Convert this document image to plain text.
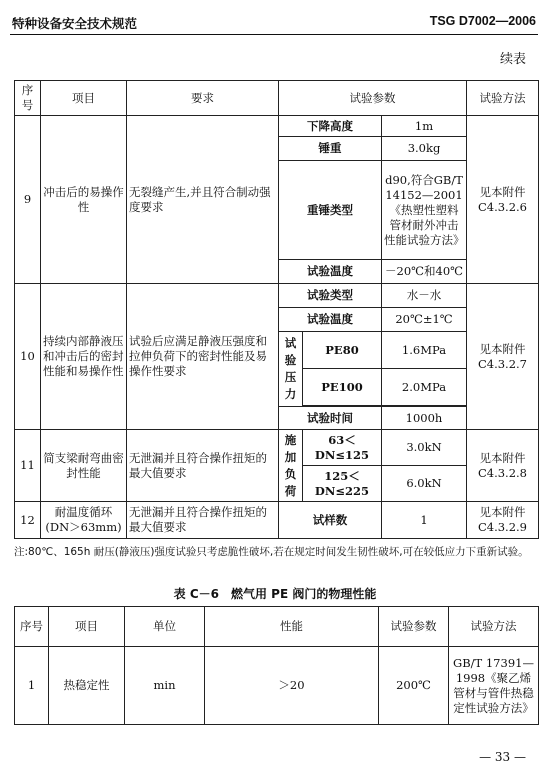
特种设备安全技术规范	TSG D7002—2006
续表
序号	项目	要求	试验参数			试验方法
9	冲击后的易操作性	无裂缝产生,并且符合制动强度要求	下降高度		1m	见本附件C4.3.2.6
			锤重		3.0kg	
			重锤类型		d90,符合GB/T 14152—2001《热塑性塑料管材耐外冲击性能试验方法》	
			试验温度		－20℃和40℃	
10	持续内部静液压和冲击后的密封性能和易操作性	试验后应满足静液压强度和拉伸负荷下的密封性能及易操作性要求	试验类型		水－水	见本附件C4.3.2.7
			试验温度		20℃±1℃	
			试验压力	PE80	1.6MPa	
				PE100	2.0MPa	

			试验时间		1000h	
11	简支梁耐弯曲密封性能	无泄漏并且符合操作扭矩的最大值要求	施加负荷	63＜DN≤125	3.0kN	见本附件C4.3.2.8
				125＜DN≤225	6.0kN	
12	耐温度循环(DN＞63mm)	无泄漏并且符合操作扭矩的最大值要求	试样数		1	见本附件C4.3.2.9
注:80℃、165h 耐压(静液压)强度试验只考虑脆性破坏,若在规定时间发生韧性破坏,可在较低应力下重新试验。
表 C－6　燃气用 PE 阀门的物理性能
序号	项目	单位	性能	试验参数	试验方法
1	热稳定性	min	＞20	200℃	GB/T 17391—1998《聚乙烯管材与管件热稳定性试验方法》
— 33 —
